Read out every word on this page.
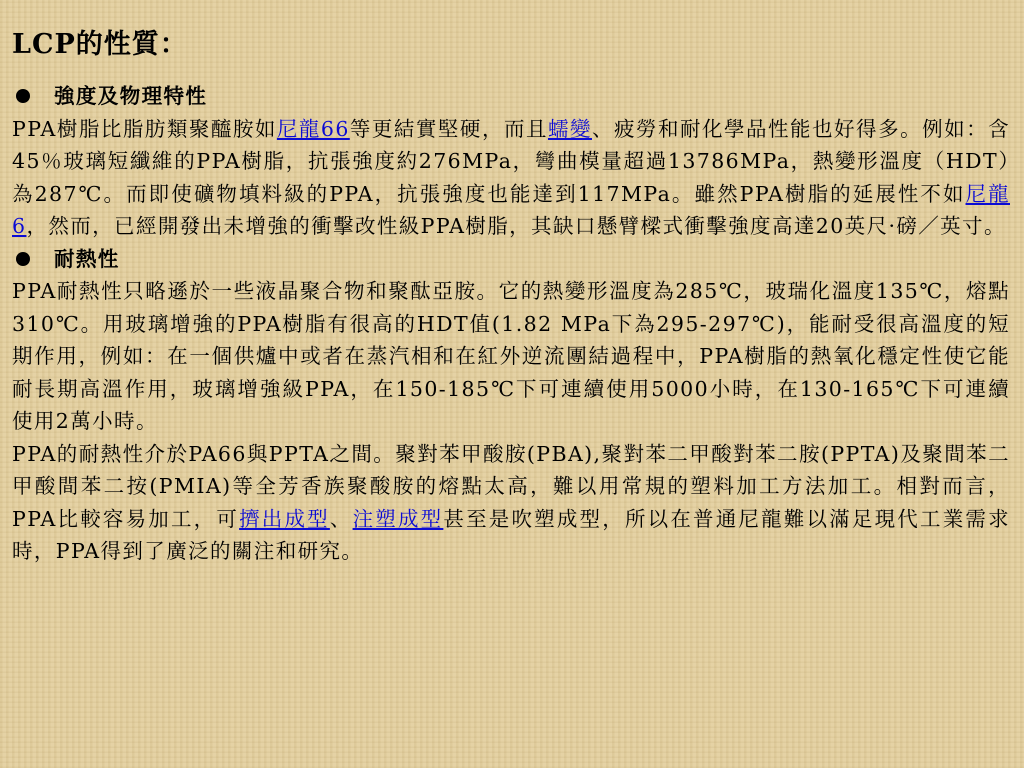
LCP的性質：
強度及物理特性

PPA樹脂比脂肪類聚醯胺如尼龍66等更結實堅硬，而且蠕變、疲勞和耐化學品性能也好得多。例如：含 45％玻璃短纖維的PPA樹脂，抗張強度約276MPa，彎曲模量超過13786MPa，熱變形溫度（HDT）為287℃。而即使礦物填料級的PPA，抗張強度也能達到117MPa。雖然PPA樹脂的延展性不如尼龍6，然而，已經開發出未增強的衝擊改性級PPA樹脂，其缺口懸臂樑式衝擊強度高達20英尺·磅／英寸。

耐熱性

PPA耐熱性只略遜於一些液晶聚合物和聚酞亞胺。它的熱變形溫度為285℃，玻瑞化溫度135℃，熔點310℃。用玻璃增強的PPA樹脂有很高的HDT值(1.82 MPa下為295-297℃)，能耐受很高溫度的短期作用，例如：在一個供爐中或者在蒸汽相和在紅外逆流團結過程中，PPA樹脂的熱氧化穩定性使它能耐長期高溫作用，玻璃增強級PPA，在150-185℃下可連續使用5000小時，在130-165℃下可連續使用2萬小時。

PPA的耐熱性介於PA66與PPTA之間。聚對苯甲酸胺(PBA),聚對苯二甲酸對苯二胺(PPTA)及聚間苯二甲酸間苯二按(PMIA)等全芳香族聚酸胺的熔點太高，難以用常規的塑料加工方法加工。相對而言，PPA比較容易加工，可擠出成型、注塑成型甚至是吹塑成型，所以在普通尼龍難以滿足現代工業需求時，PPA得到了廣泛的關注和研究。
